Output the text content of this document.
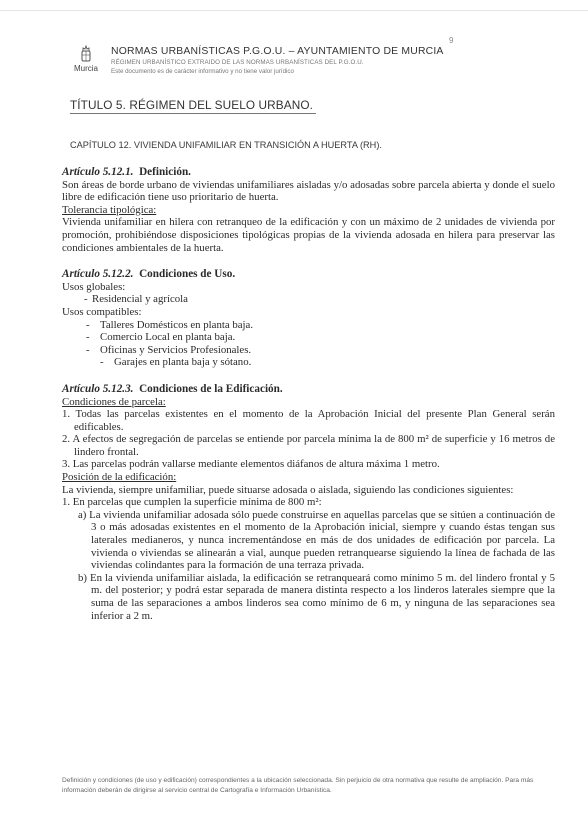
9
Murcia
NORMAS URBANÍSTICAS P.G.O.U. – AYUNTAMIENTO DE MURCIA
RÉGIMEN URBANÍSTICO EXTRAIDO DE LAS NORMAS URBANÍSTICAS DEL P.G.O.U.
Este documento es de carácter informativo y no tiene valor jurídico
TÍTULO 5. RÉGIMEN DEL SUELO URBANO.
CAPÍTULO 12. VIVIENDA UNIFAMILIAR EN TRANSICIÓN A HUERTA (RH).

Artículo 5.12.1. Definición.

Son áreas de borde urbano de viviendas unifamiliares aisladas y/o adosadas sobre parcela abierta y donde el suelo libre de edificación tiene uso prioritario de huerta.

Tolerancia tipológica:

Vivienda unifamiliar en hilera con retranqueo de la edificación y con un máximo de 2 unidades de vivienda por promoción, prohibiéndose disposiciones tipológicas propias de la vivienda adosada en hilera para preservar las condiciones ambientales de la huerta.

Artículo 5.12.2. Condiciones de Uso.

Usos globales:

- Residencial y agrícola

Usos compatibles:

- Talleres Domésticos en planta baja.

- Comercio Local en planta baja.

- Oficinas y Servicios Profesionales.

- Garajes en planta baja y sótano.

Artículo 5.12.3. Condiciones de la Edificación.

Condiciones de parcela:

1. Todas las parcelas existentes en el momento de la Aprobación Inicial del presente Plan General serán edificables.

2. A efectos de segregación de parcelas se entiende por parcela mínima la de 800 m² de superficie y 16 metros de lindero frontal.

3. Las parcelas podrán vallarse mediante elementos diáfanos de altura máxima 1 metro.

Posición de la edificación:

La vivienda, siempre unifamiliar, puede situarse adosada o aislada, siguiendo las condiciones siguientes:

1. En parcelas que cumplen la superficie mínima de 800 m²:

a) La vivienda unifamiliar adosada sólo puede construirse en aquellas parcelas que se sitúen a continuación de 3 o más adosadas existentes en el momento de la Aprobación inicial, siempre y cuando éstas tengan sus laterales medianeros, y nunca incrementándose en más de dos unidades de edificación por parcela. La vivienda o viviendas se alinearán a vial, aunque pueden retranquearse siguiendo la línea de fachada de las viviendas colindantes para la formación de una terraza privada.

b) En la vivienda unifamiliar aislada, la edificación se retranqueará como mínimo 5 m. del lindero frontal y 5 m. del posterior; y podrá estar separada de manera distinta respecto a los linderos laterales siempre que la suma de las separaciones a ambos linderos sea como mínimo de 6 m, y ninguna de las separaciones sea inferior a 2 m.

Definición y condiciones (de uso y edificación) correspondientes a la ubicación seleccionada. Sin perjuicio de otra normativa que resulte de ampliación. Para más información deberán de dirigirse al servicio central de Cartografía e Información Urbanística.
